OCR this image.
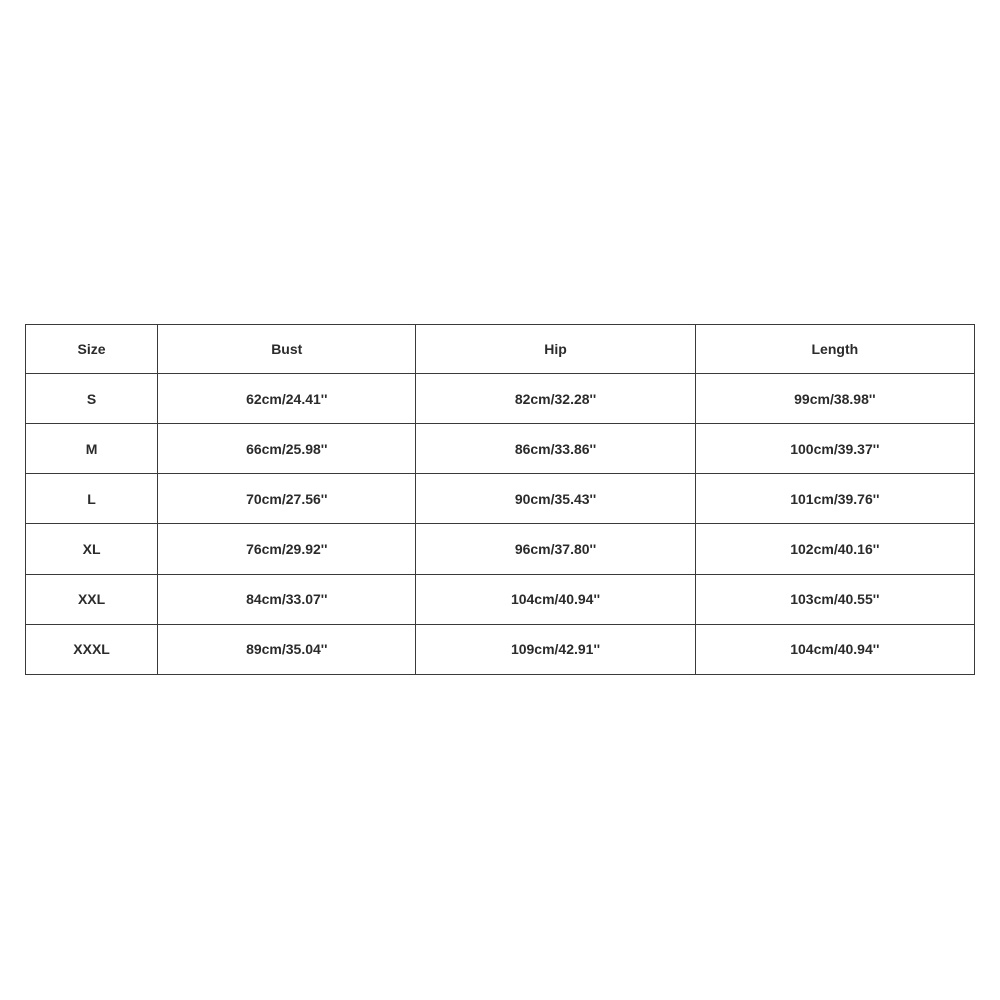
Size	Bust	Hip	Length
S	62cm/24.41''	82cm/32.28''	99cm/38.98''
M	66cm/25.98''	86cm/33.86''	100cm/39.37''
L	70cm/27.56''	90cm/35.43''	101cm/39.76''
XL	76cm/29.92''	96cm/37.80''	102cm/40.16''
XXL	84cm/33.07''	104cm/40.94''	103cm/40.55''
XXXL	89cm/35.04''	109cm/42.91''	104cm/40.94''
